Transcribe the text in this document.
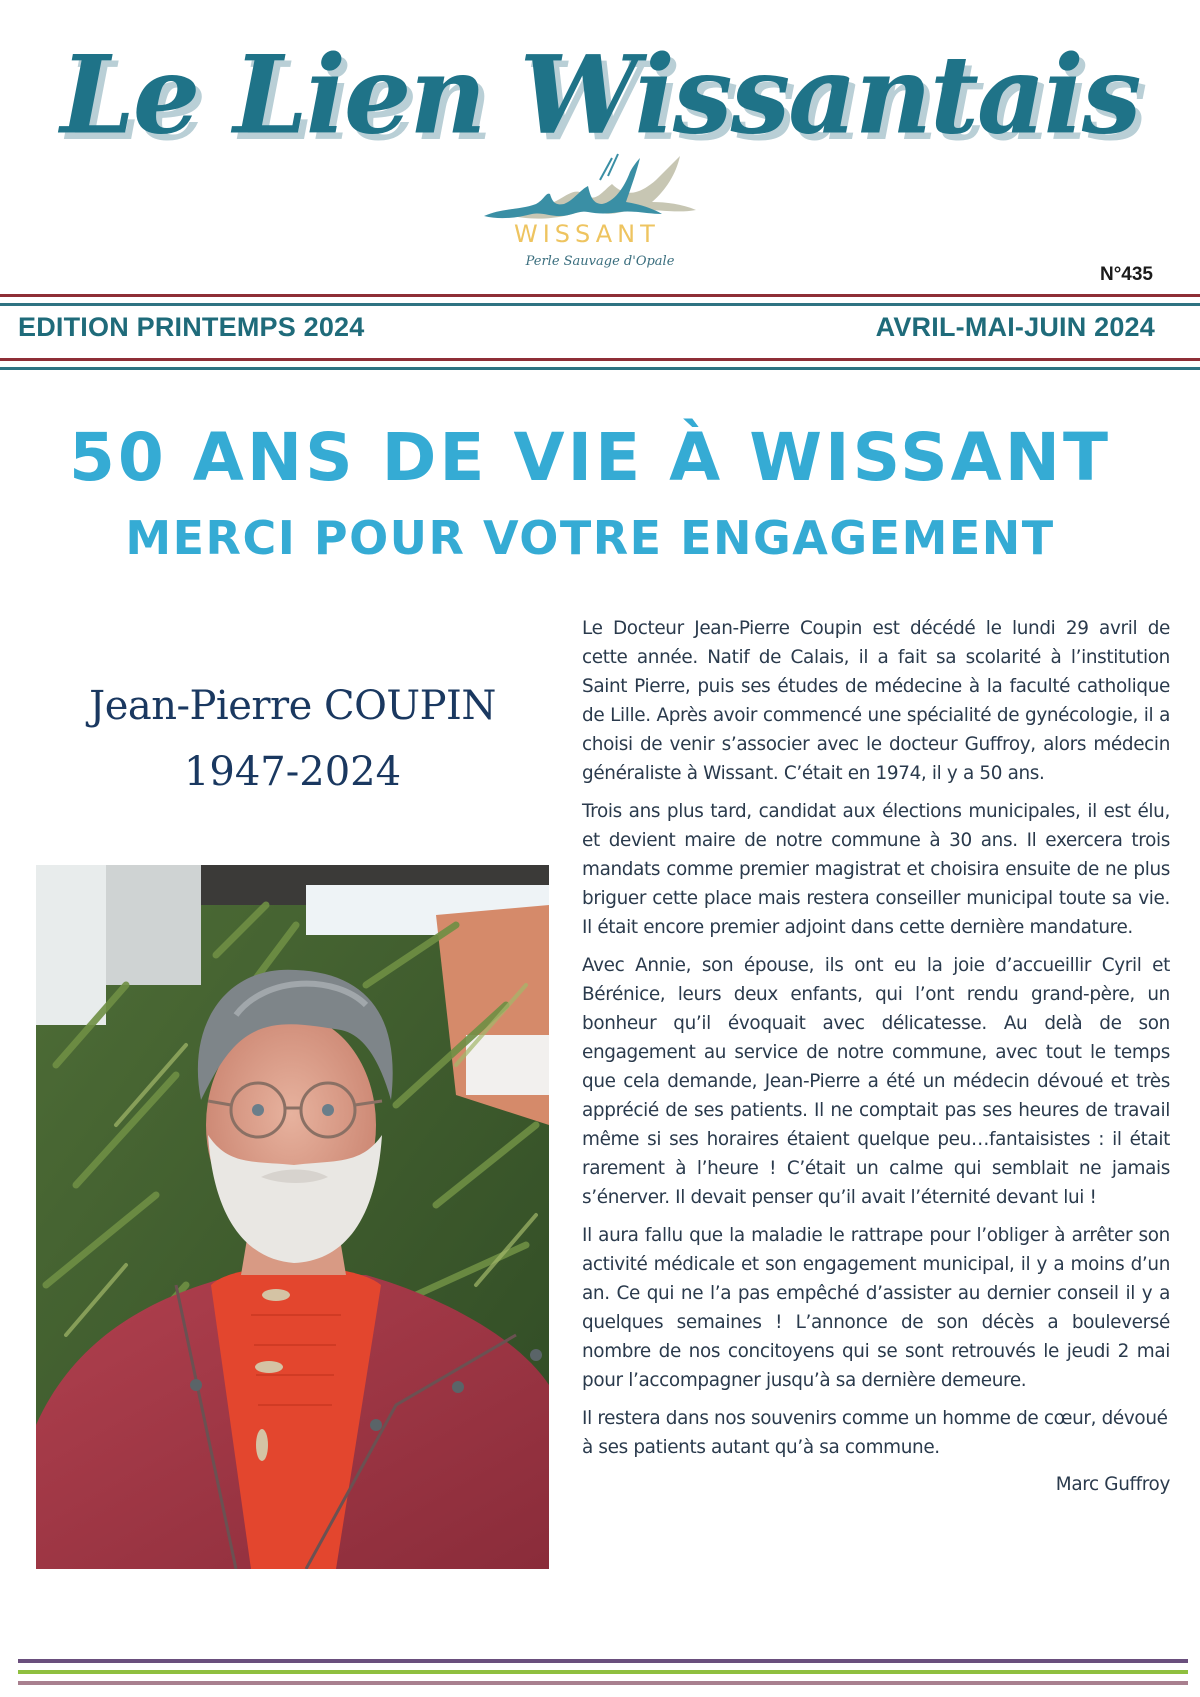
Le Lien Wissantais
WISSANT
Perle Sauvage d'Opale
N°435
EDITION PRINTEMPS 2024	AVRIL-MAI-JUIN 2024
50 ANS DE VIE À WISSANT
MERCI POUR VOTRE ENGAGEMENT
Jean-Pierre COUPIN
1947-2024

Le Docteur Jean-Pierre Coupin est décédé le lundi 29 avril de cette année. Natif de Calais, il a fait sa scolarité à l’institution Saint Pierre, puis ses études de médecine à la faculté catholique de Lille. Après avoir commencé une spécialité de gynécologie, il a choisi de venir s’associer avec le docteur Guffroy, alors médecin généraliste à Wissant. C’était en 1974, il y a 50 ans.

Trois ans plus tard, candidat aux élections municipales, il est élu, et devient maire de notre commune à 30 ans. Il exercera trois mandats comme premier magistrat et choisira ensuite de ne plus briguer cette place mais restera conseiller municipal toute sa vie. Il était encore premier adjoint dans cette dernière mandature.

Avec Annie, son épouse, ils ont eu la joie d’accueillir Cyril et Bérénice, leurs deux enfants, qui l’ont rendu grand-père, un bonheur qu’il évoquait avec délicatesse. Au delà de son engagement au service de notre commune, avec tout le temps que cela demande, Jean-Pierre a été un médecin dévoué et très apprécié de ses patients. Il ne comptait pas ses heures de travail même si ses horaires étaient quelque peu…fantaisistes : il était rarement à l’heure ! C’était un calme qui semblait ne jamais s’énerver. Il devait penser qu’il avait l’éternité devant lui !

Il aura fallu que la maladie le rattrape pour l’obliger à arrêter son activité médicale et son engagement municipal, il y a moins d’un an. Ce qui ne l’a pas empêché d’assister au dernier conseil il y a quelques semaines ! L’annonce de son décès a bouleversé nombre de nos concitoyens qui se sont retrouvés le jeudi 2 mai pour l’accompagner jusqu’à sa dernière demeure.

Il restera dans nos souvenirs comme un homme de cœur, dévoué à ses patients autant qu’à sa commune.

Marc Guffroy
